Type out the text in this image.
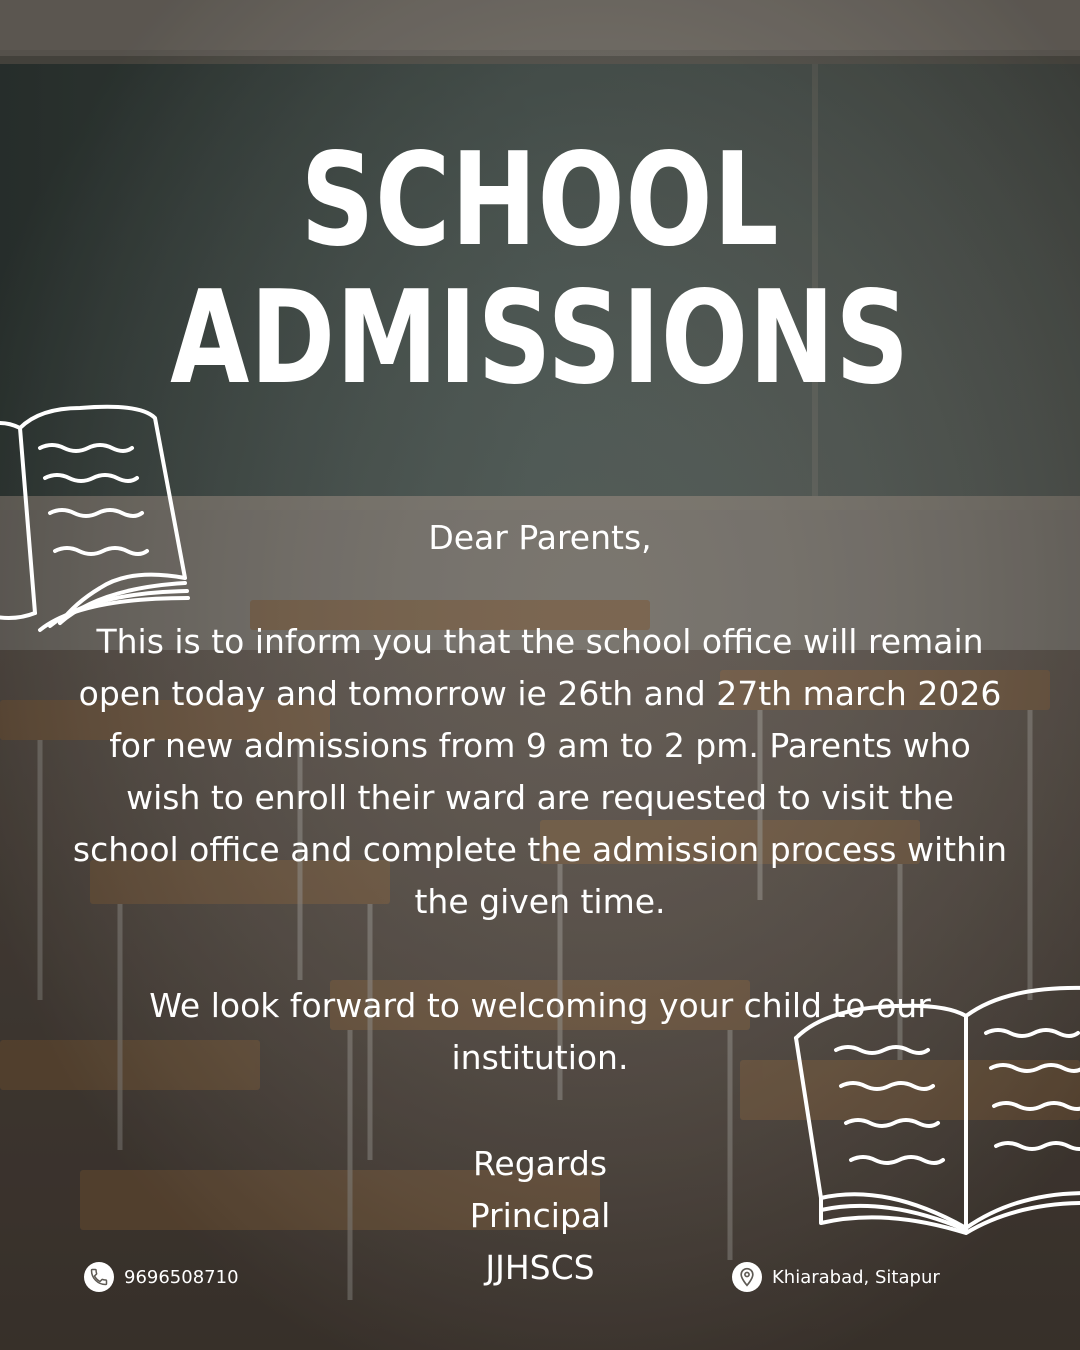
SCHOOL
ADMISSIONS

Dear Parents,

This is to inform you that the school office will remain open today and tomorrow ie 26th and 27th march 2026 for new admissions from 9 am to 2 pm. Parents who wish to enroll their ward are requested to visit the school office and complete the admission process within the given time.

We look forward to welcoming your child to our institution.

Regards
Principal
JJHSCS
9696508710	Khiarabad, Sitapur
